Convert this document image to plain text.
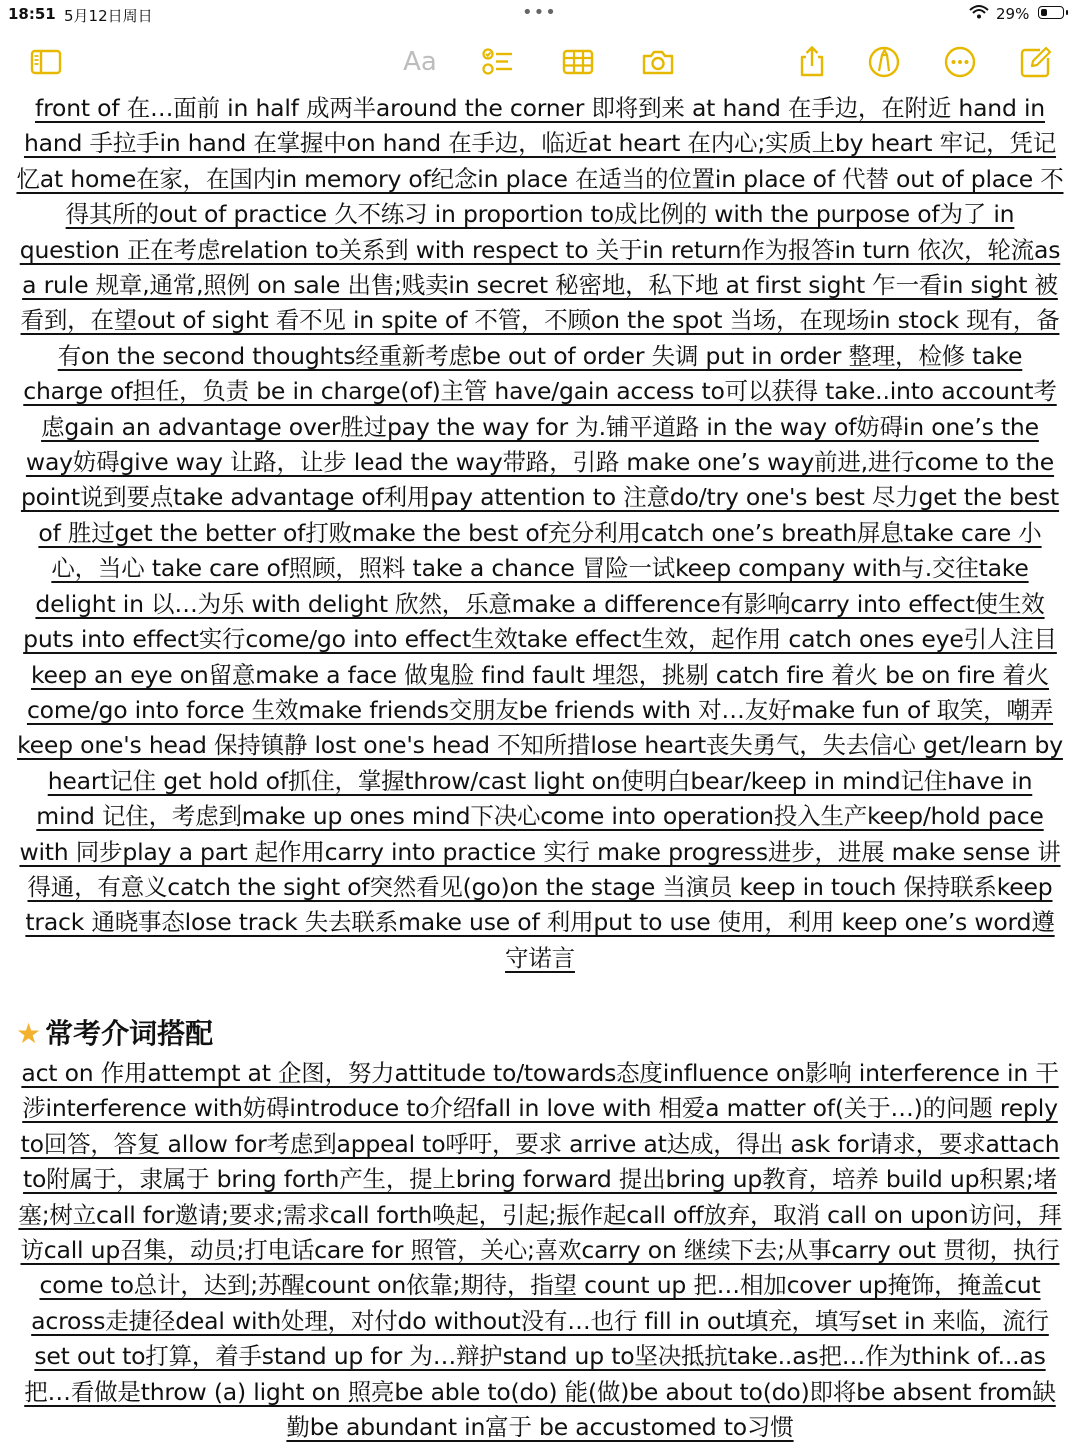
18:51 5月12日周日	•••	29%
Aa

front of 在…面前 in half 成两半around the corner 即将到来 at hand 在手边，在附近 hand in hand 手拉手in hand 在掌握中on hand 在手边，临近at heart 在内心;实质上by heart 牢记，凭记忆at home在家，在国内in memory of纪念in place 在适当的位置in place of 代替 out of place 不得其所的out of practice 久不练习 in proportion to成比例的 with the purpose of为了 in question 正在考虑relation to关系到 with respect to 关于in return作为报答in turn 依次，轮流as a rule 规章,通常,照例 on sale 出售;贱卖in secret 秘密地，私下地 at first sight 乍一看in sight 被看到，在望out of sight 看不见 in spite of 不管，不顾on the spot 当场，在现场in stock 现有，备有on the second thoughts经重新考虑be out of order 失调 put in order 整理，检修 take charge of担任，负责 be in charge(of)主管 have/gain access to可以获得 take..into account考虑gain an advantage over胜过pay the way for 为.铺平道路 in the way of妨碍in one’s the way妨碍give way 让路，让步 lead the way带路，引路 make one’s way前进,进行come to the point说到要点take advantage of利用pay attention to 注意do/try one's best 尽力get the best of 胜过get the better of打败make the best of充分利用catch one’s breath屏息take care 小心，当心 take care of照顾，照料 take a chance 冒险一试keep company with与.交往take delight in 以…为乐 with delight 欣然，乐意make a difference有影响carry into effect使生效puts into effect实行come/go into effect生效take effect生效，起作用 catch ones eye引人注目 keep an eye on留意make a face 做鬼脸 find fault 埋怨，挑剔 catch fire 着火 be on fire 着火come/go into force 生效make friends交朋友be friends with 对…友好make fun of 取笑，嘲弄 keep one's head 保持镇静 lost one's head 不知所措lose heart丧失勇气，失去信心 get/learn by heart记住 get hold of抓住，掌握throw/cast light on使明白bear/keep in mind记住have in mind 记住，考虑到make up ones mind下决心come into operation投入生产keep/hold pace with 同步play a part 起作用carry into practice 实行 make progress进步，进展 make sense 讲得通，有意义catch the sight of突然看见(go)on the stage 当演员 keep in touch 保持联系keep track 通晓事态lose track 失去联系make use of 利用put to use 使用，利用 keep one’s word遵守诺言

★ 常考介词搭配

act on 作用attempt at 企图，努力attitude to/towards态度influence on影响 interference in 干涉interference with妨碍introduce to介绍fall in love with 相爱a matter of(关于…)的问题 reply to回答，答复 allow for考虑到appeal to呼吁，要求 arrive at达成，得出 ask for请求，要求attach to附属于，隶属于 bring forth产生，提上bring forward 提出bring up教育，培养 build up积累;堵塞;树立call for邀请;要求;需求call forth唤起，引起;振作起call off放弃，取消 call on upon访问，拜访call up召集，动员;打电话care for 照管，关心;喜欢carry on 继续下去;从事carry out 贯彻，执行come to总计，达到;苏醒count on依靠;期待，指望 count up 把…相加cover up掩饰，掩盖cut across走捷径deal with处理，对付do without没有…也行 fill in out填充，填写set in 来临，流行set out to打算，着手stand up for 为…辩护stand up to坚决抵抗take..as把…作为think of...as 把…看做是throw (a) light on 照亮be able to(do) 能(做)be about to(do)即将be absent from缺勤be abundant in富于 be accustomed to习惯
